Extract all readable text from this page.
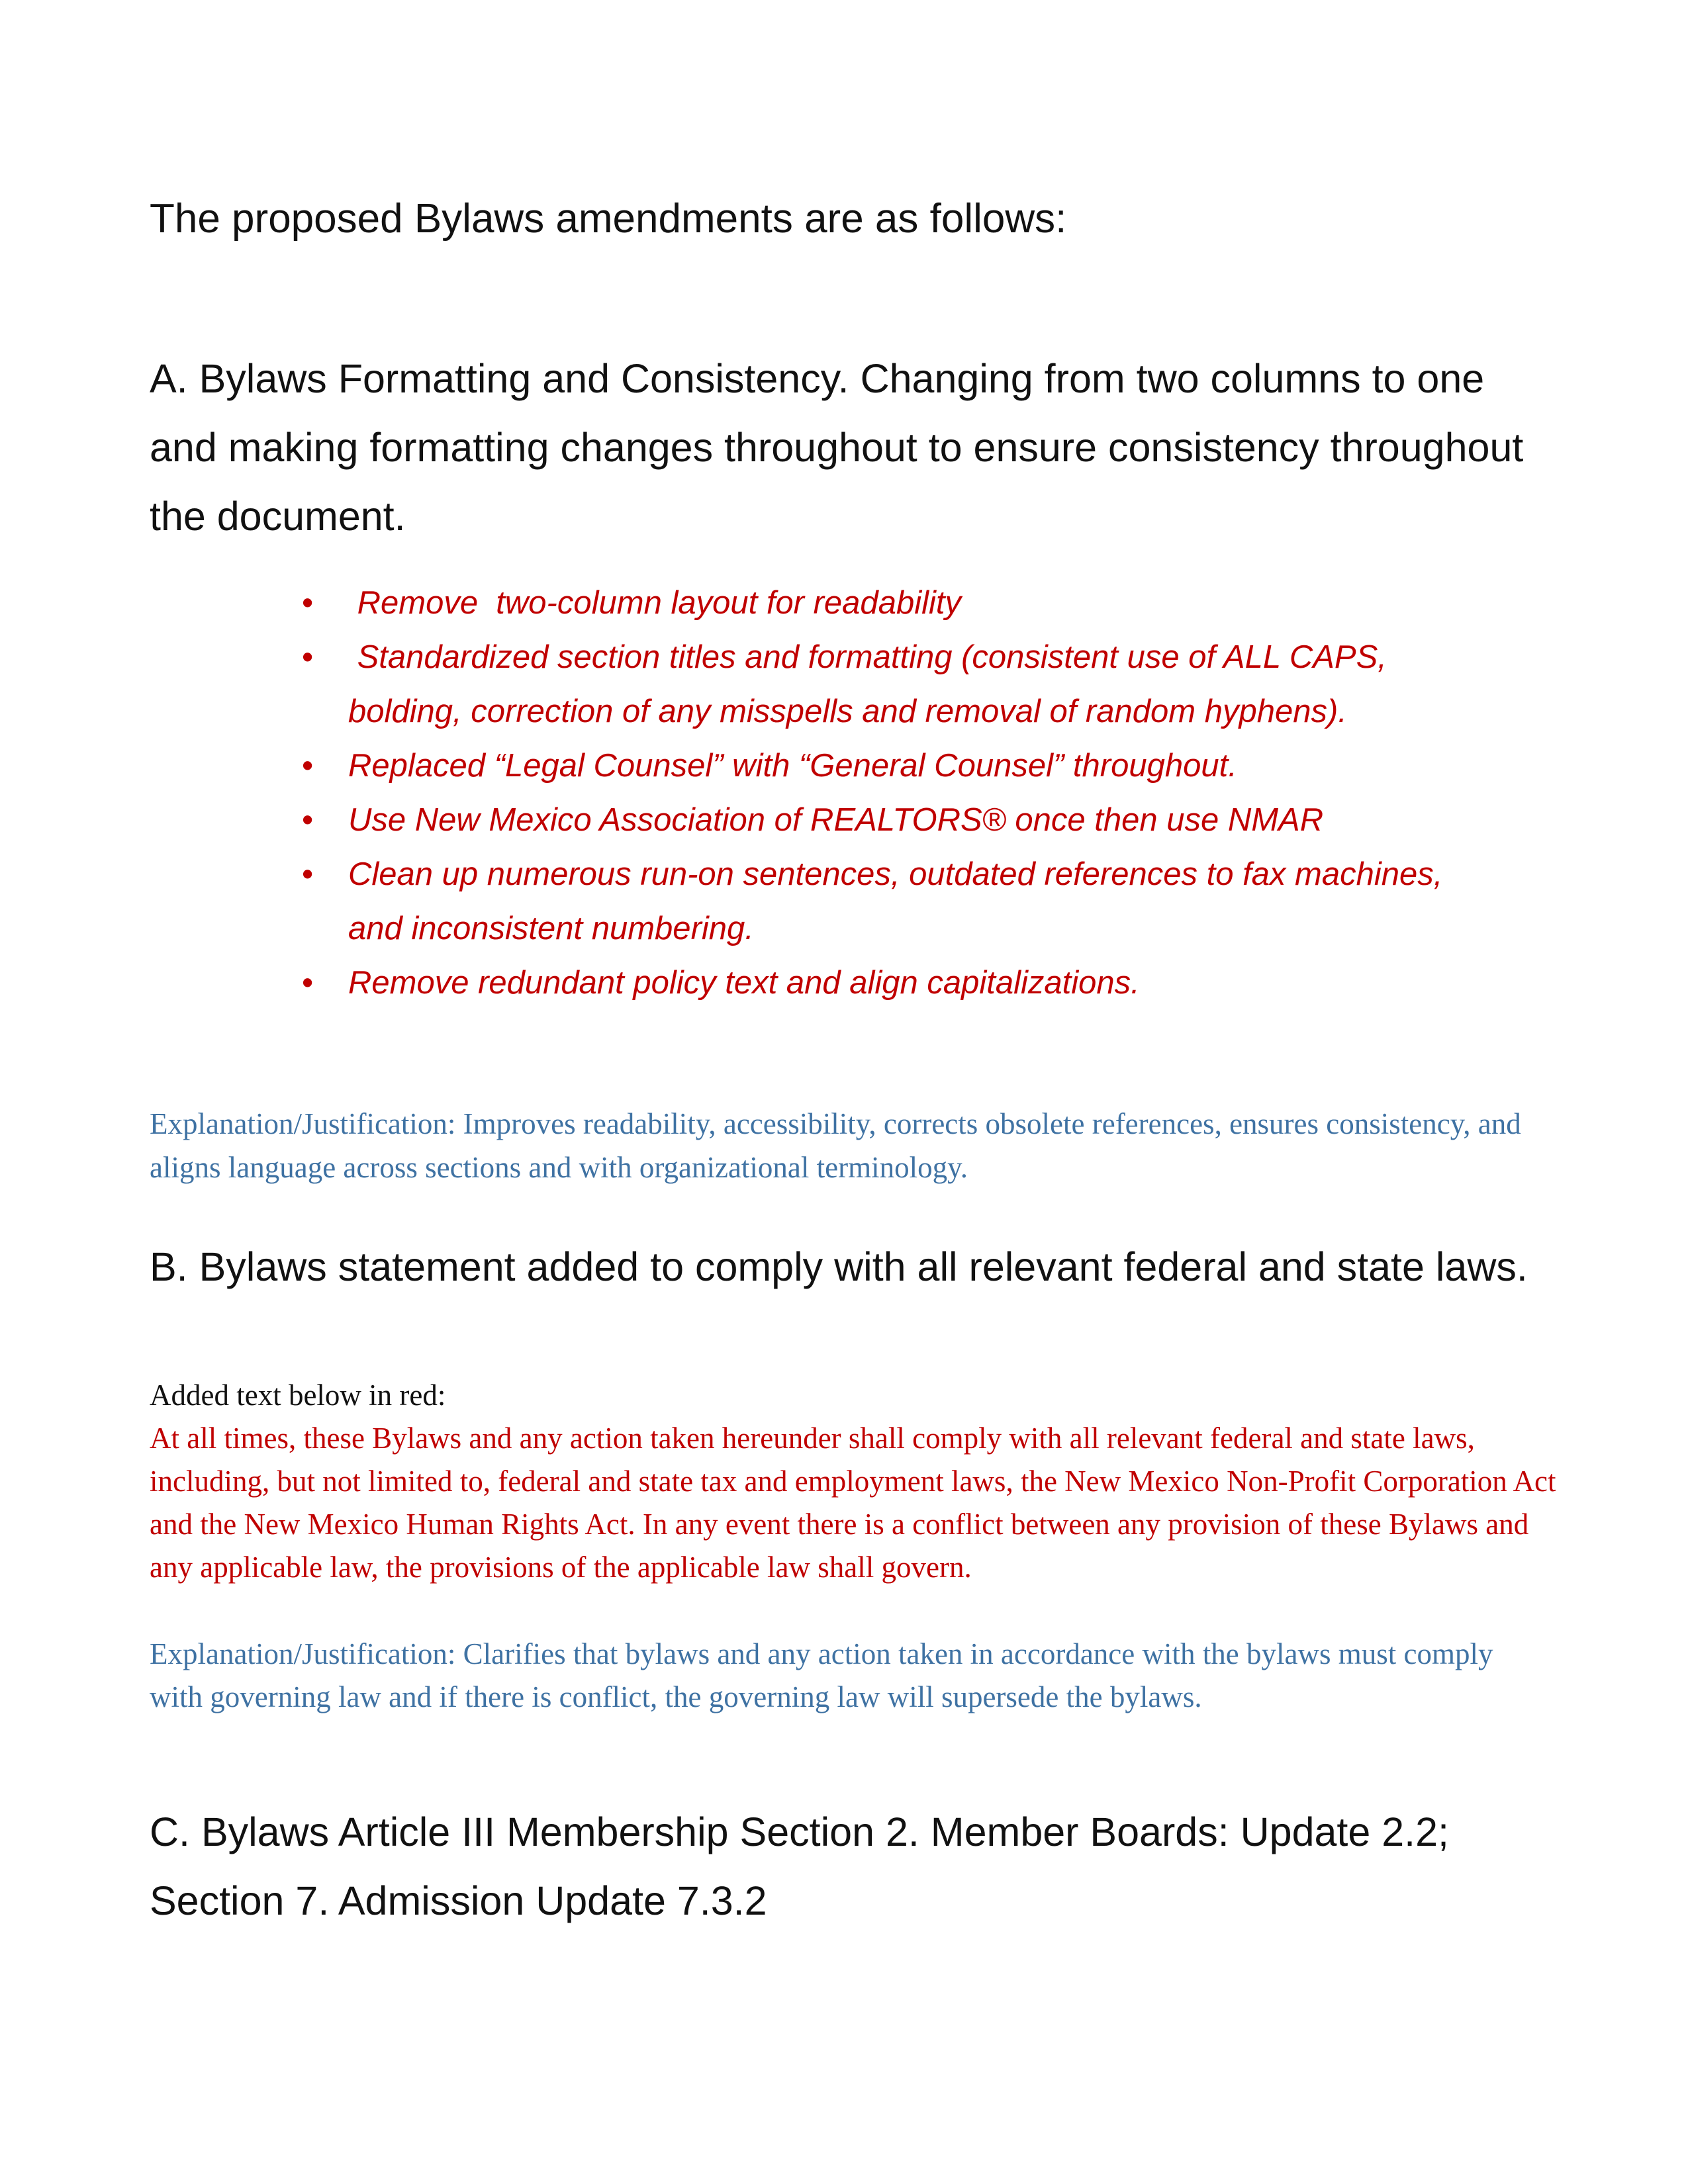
The proposed Bylaws amendments are as follows:
A. Bylaws Formatting and Consistency. Changing from two columns to one and making formatting changes throughout to ensure consistency throughout the document.
• Remove  two-column layout for readability
• Standardized section titles and formatting (consistent use of ALL CAPS, bolding, correction of any misspells and removal of random hyphens).
• Replaced “Legal Counsel” with “General Counsel” throughout.
• Use New Mexico Association of REALTORS® once then use NMAR
• Clean up numerous run-on sentences, outdated references to fax machines, and inconsistent numbering.
• Remove redundant policy text and align capitalizations.
Explanation/Justification: Improves readability, accessibility, corrects obsolete references, ensures consistency, and aligns language across sections and with organizational terminology.
B. Bylaws statement added to comply with all relevant federal and state laws.
Added text below in red:
At all times, these Bylaws and any action taken hereunder shall comply with all relevant federal and state laws, including, but not limited to, federal and state tax and employment laws, the New Mexico Non-Profit Corporation Act and the New Mexico Human Rights Act. In any event there is a conflict between any provision of these Bylaws and any applicable law, the provisions of the applicable law shall govern.
Explanation/Justification: Clarifies that bylaws and any action taken in accordance with the bylaws must comply with governing law and if there is conflict, the governing law will supersede the bylaws.
C. Bylaws Article III Membership Section 2. Member Boards: Update 2.2; Section 7. Admission Update 7.3.2
